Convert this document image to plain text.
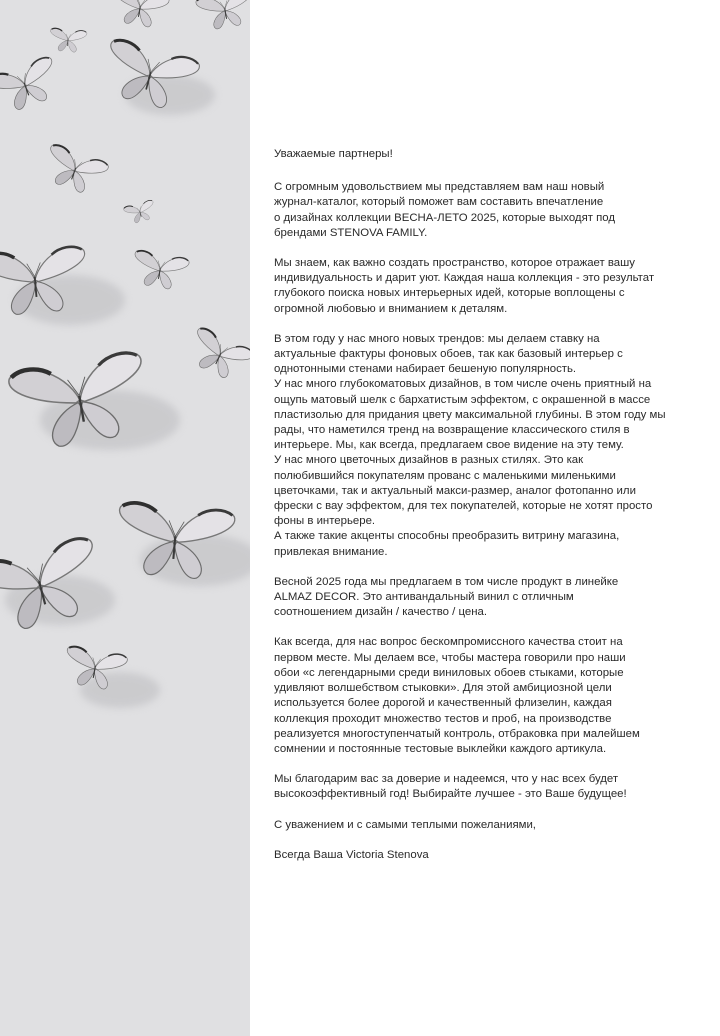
Уважаемые партнеры!

С огромным удовольствием мы представляем вам наш новый
журнал-каталог, который поможет вам составить впечатление
о дизайнах коллекции ВЕСНА-ЛЕТО 2025, которые выходят под
брендами STENOVA FAMILY.

Мы знаем, как важно создать пространство, которое отражает вашу
индивидуальность и дарит уют. Каждая наша коллекция - это результат
глубокого поиска новых интерьерных идей, которые воплощены с
огромной любовью и вниманием к деталям.

В этом году у нас много новых трендов: мы делаем ставку на
актуальные фактуры фоновых обоев, так как базовый интерьер с
однотонными стенами набирает бешеную популярность.

У нас много глубокоматовых дизайнов, в том числе очень приятный на
ощупь матовый шелк с бархатистым эффектом, с окрашенной в массе
пластизолью для придания цвету максимальной глубины. В этом году мы
рады, что наметился тренд на возвращение классического стиля в
интерьере. Мы, как всегда, предлагаем свое видение на эту тему.

У нас много цветочных дизайнов в разных стилях. Это как
полюбившийся покупателям прованс с маленькими миленькими
цветочками, так и актуальный макси-размер, аналог фотопанно или
фрески с вау эффектом, для тех покупателей, которые не хотят просто
фоны в интерьере.

А также такие акценты способны преобразить витрину магазина,
привлекая внимание.

Весной 2025 года мы предлагаем в том числе продукт в линейке
ALMAZ DECOR. Это антивандальный винил с отличным
соотношением дизайн / качество / цена.

Как всегда, для нас вопрос бескомпромиссного качества стоит на
первом месте. Мы делаем все, чтобы мастера говорили про наши
обои «с легендарными среди виниловых обоев стыками, которые
удивляют волшебством стыковки». Для этой амбициозной цели
используется более дорогой и качественный флизелин, каждая
коллекция проходит множество тестов и проб, на производстве
реализуется многоступенчатый контроль, отбраковка при малейшем
сомнении и постоянные тестовые выклейки каждого артикула.

Мы благодарим вас за доверие и надеемся, что у нас всех будет
высокоэффективный год! Выбирайте лучшее - это Ваше будущее!

С уважением и с самыми теплыми пожеланиями,

Всегда Ваша Victoria Stenova
